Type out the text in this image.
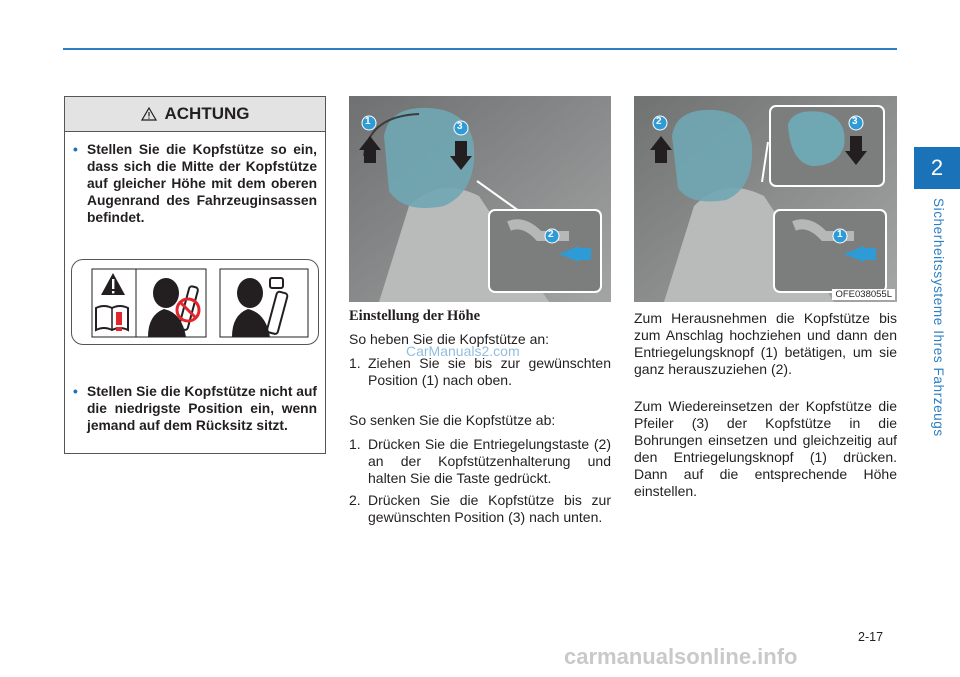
2
Sicherheitssysteme Ihres Fahrzeugs
ACHTUNG
• Stellen Sie die Kopfstütze so ein, dass sich die Mitte der Kopfstütze auf gleicher Höhe mit dem oberen Augenrand des Fahrzeuginsassen befindet.
• Stellen Sie die Kopfstütze nicht auf die niedrigste Position ein, wenn jemand auf dem Rücksitz sitzt.
1	3
2
2	3
1
OFE038055L
Einstellung der Höhe
So heben Sie die Kopfstütze an:
1. Ziehen Sie sie bis zur gewünschten Position (1) nach oben.
So senken Sie die Kopfstütze ab:
1. Drücken Sie die Entriegelungstaste (2) an der Kopfstützenhalterung und halten Sie die Taste gedrückt.
2. Drücken Sie die Kopfstütze bis zur gewünschten Position (3) nach unten.
Zum Herausnehmen die Kopfstütze bis zum Anschlag hochziehen und dann den Entriegelungsknopf (1) betätigen, um sie ganz herauszuziehen (2).
Zum Wiedereinsetzen der Kopfstütze die Pfeiler (3) der Kopfstütze in die Bohrungen einsetzen und gleichzeitig auf den Entriegelungsknopf (1) drücken. Dann auf die entsprechende Höhe einstellen.
2-17
CarManuals2.com
carmanualsonline.info
